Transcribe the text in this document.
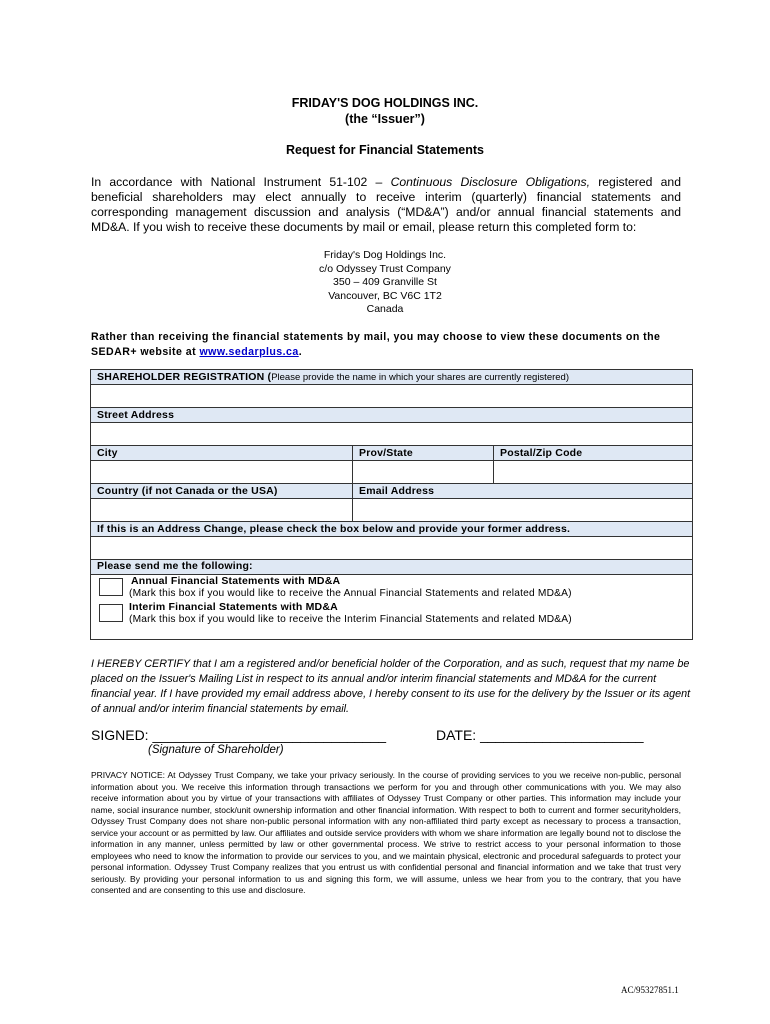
FRIDAY'S DOG HOLDINGS INC.
(the “Issuer”)
Request for Financial Statements
In accordance with National Instrument 51-102 – Continuous Disclosure Obligations, registered and beneficial shareholders may elect annually to receive interim (quarterly) financial statements and corresponding management discussion and analysis (“MD&A”) and/or annual financial statements and MD&A. If you wish to receive these documents by mail or email, please return this completed form to:
Friday's Dog Holdings Inc.
c/o Odyssey Trust Company
350 – 409 Granville St
Vancouver, BC V6C 1T2
Canada
Rather than receiving the financial statements by mail, you may choose to view these documents on the SEDAR+ website at www.sedarplus.ca.
SHAREHOLDER REGISTRATION (Please provide the name in which your shares are currently registered)		

Street Address		

City	Prov/State	Postal/Zip Code

Country (if not Canada or the USA)	Email Address	

If this is an Address Change, please check the box below and provide your former address.		

Please send me the following:
Annual Financial Statements with MD&A
(Mark this box if you would like to receive the Annual Financial Statements and related MD&A)
Interim Financial Statements with MD&A
(Mark this box if you would like to receive the Interim Financial Statements and related MD&A)		
I HEREBY CERTIFY that I am a registered and/or beneficial holder of the Corporation, and as such, request that my name be placed on the Issuer's Mailing List in respect to its annual and/or interim financial statements and MD&A for the current financial year. If I have provided my email address above, I hereby consent to its use for the delivery by the Issuer or its agent of annual and/or interim financial statements by email.
SIGNED: ______________________________	DATE: _____________________
(Signature of Shareholder)
PRIVACY NOTICE: At Odyssey Trust Company, we take your privacy seriously. In the course of providing services to you we receive non-public, personal information about you. We receive this information through transactions we perform for you and through other communications with you. We may also receive information about you by virtue of your transactions with affiliates of Odyssey Trust Company or other parties. This information may include your name, social insurance number, stock/unit ownership information and other financial information. With respect to both to current and former securityholders, Odyssey Trust Company does not share non-public personal information with any non-affiliated third party except as necessary to process a transaction, service your account or as permitted by law. Our affiliates and outside service providers with whom we share information are legally bound not to disclose the information in any manner, unless permitted by law or other governmental process. We strive to restrict access to your personal information to those employees who need to know the information to provide our services to you, and we maintain physical, electronic and procedural safeguards to protect your personal information. Odyssey Trust Company realizes that you entrust us with confidential personal and financial information and we take that trust very seriously. By providing your personal information to us and signing this form, we will assume, unless we hear from you to the contrary, that you have consented and are consenting to this use and disclosure.
AC/95327851.1
